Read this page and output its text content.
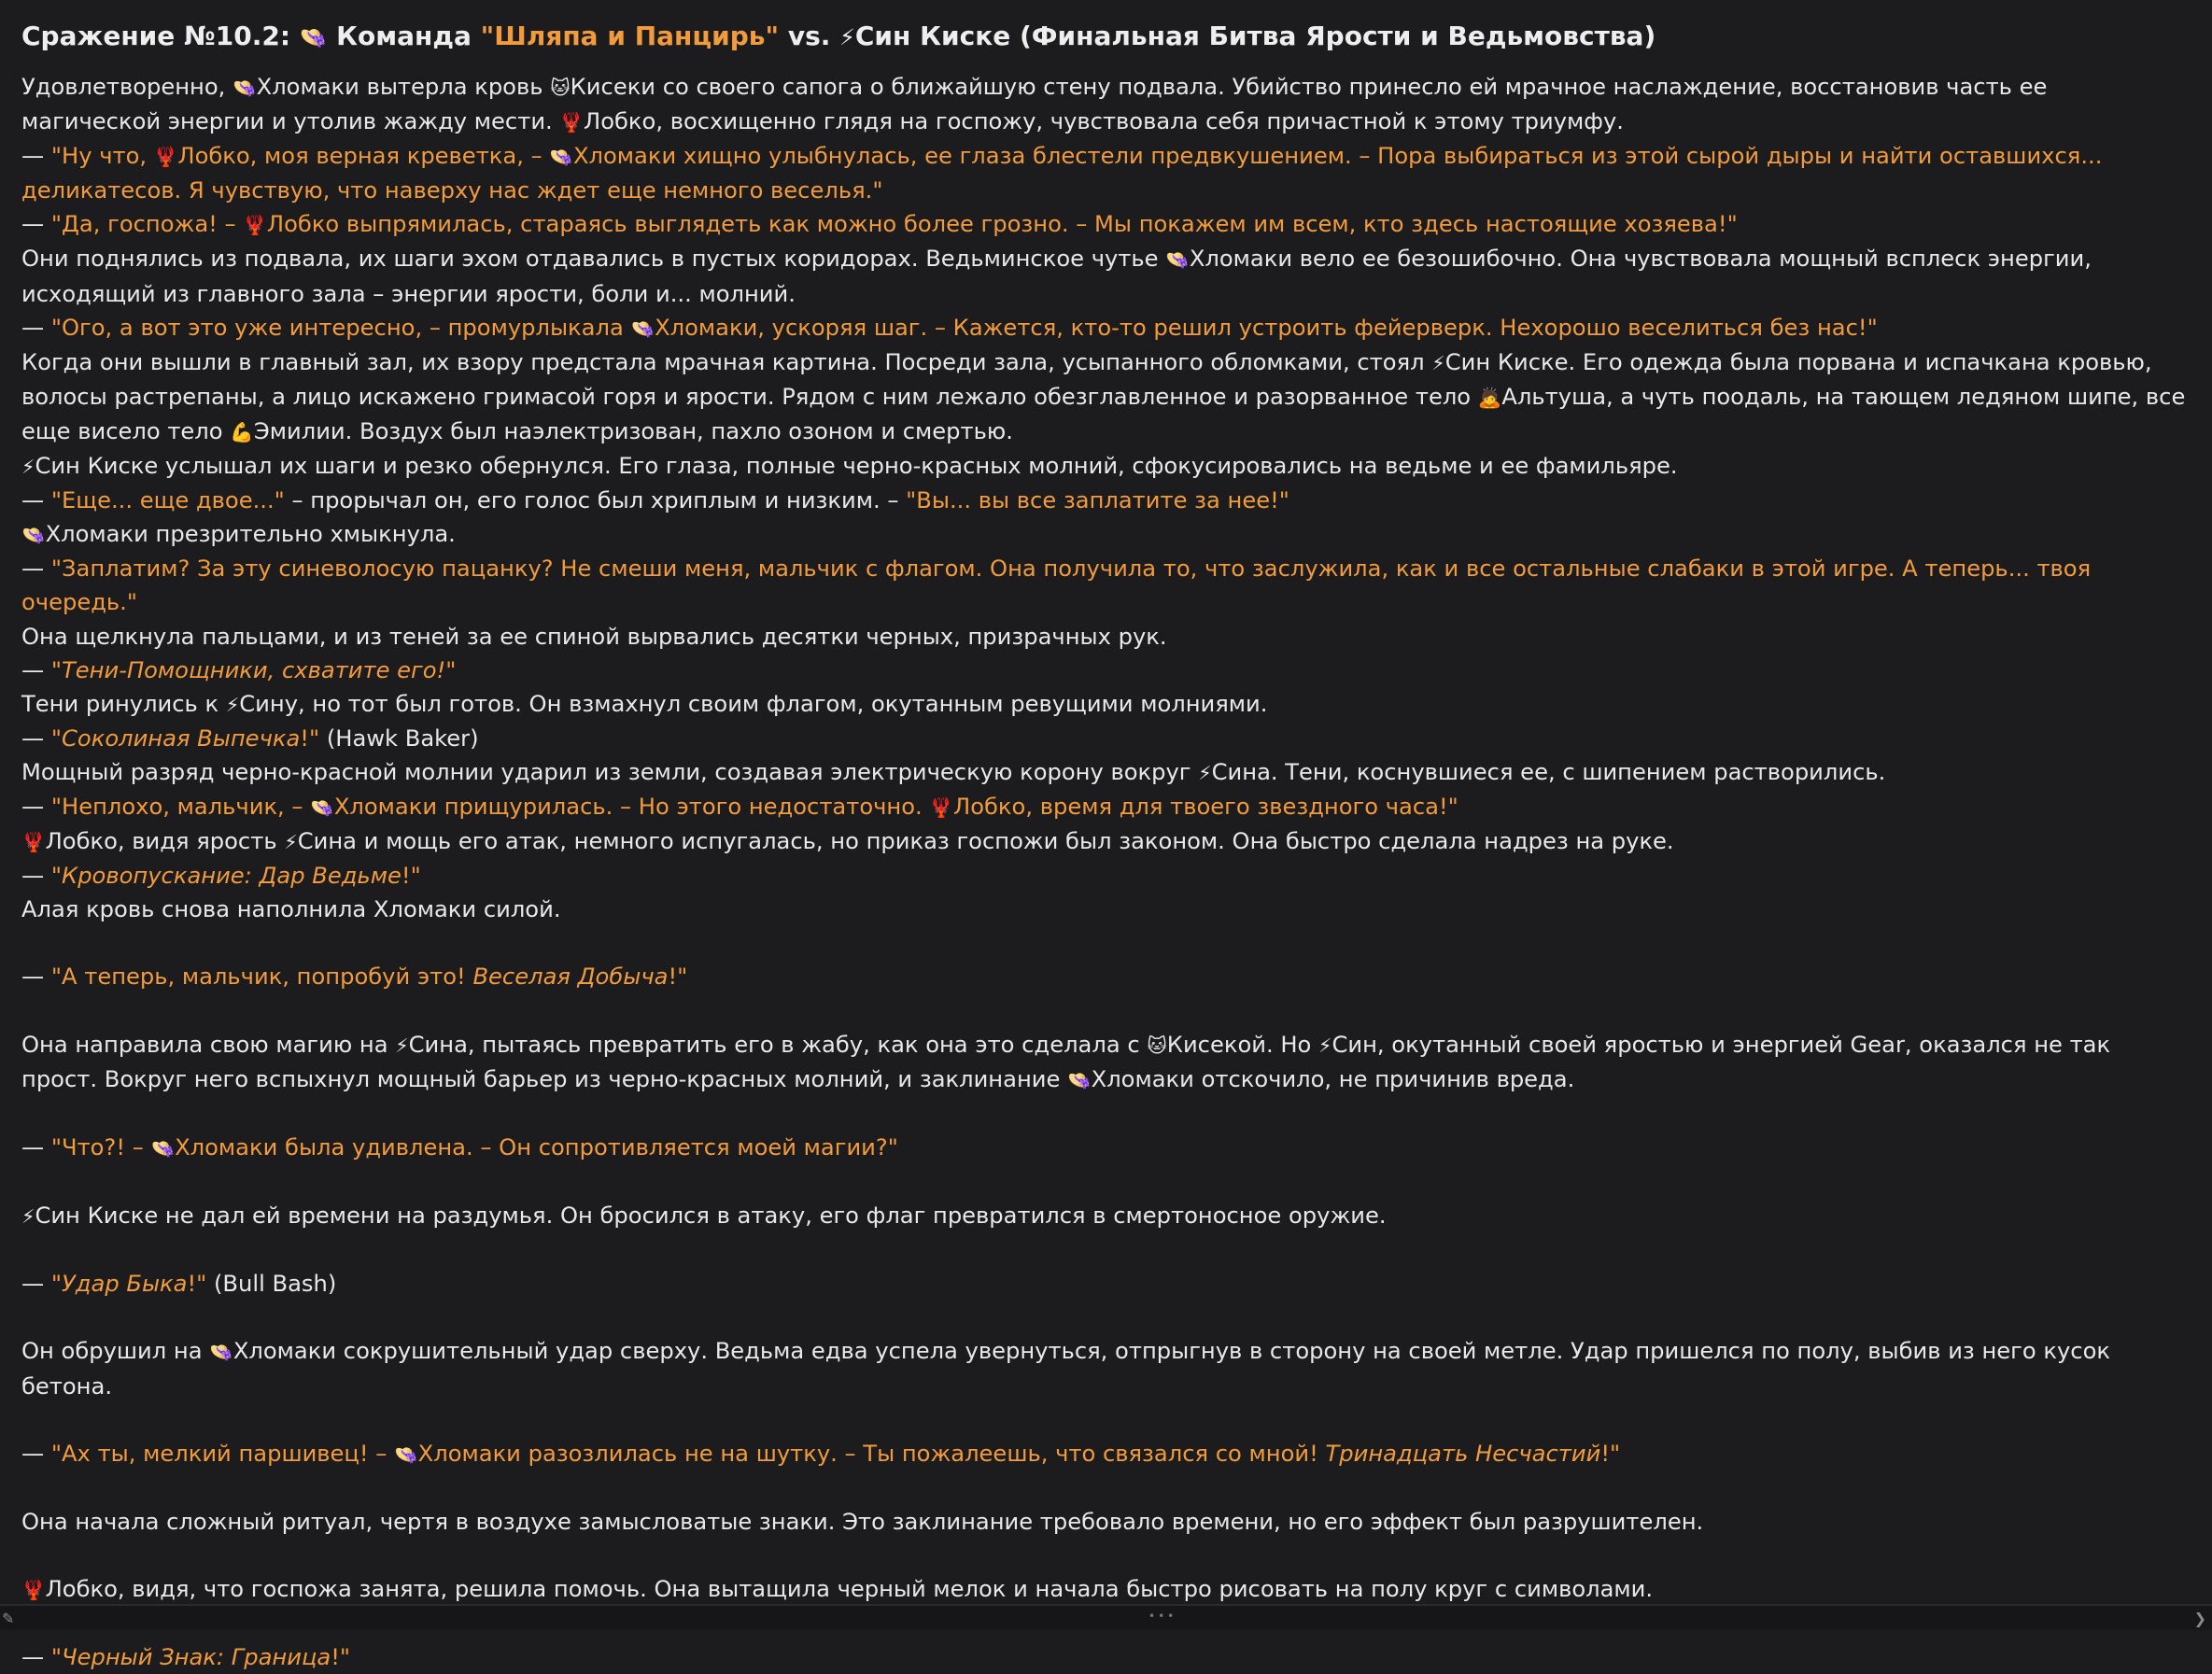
Сражение №10.2: 👒 Команда "Шляпа и Панцирь" vs. ⚡Син Киске (Финальная Битва Ярости и Ведьмовства)

Удовлетворенно, 👒Хломаки вытерла кровь 🐱Кисеки со своего сапога о ближайшую стену подвала. Убийство принесло ей мрачное наслаждение, восстановив часть ее магической энергии и утолив жажду мести. 🦞Лобко, восхищенно глядя на госпожу, чувствовала себя причастной к этому триумфу.

— "Ну что, 🦞Лобко, моя верная креветка, – 👒Хломаки хищно улыбнулась, ее глаза блестели предвкушением. – Пора выбираться из этой сырой дыры и найти оставшихся... деликатесов. Я чувствую, что наверху нас ждет еще немного веселья."

— "Да, госпожа! – 🦞Лобко выпрямилась, стараясь выглядеть как можно более грозно. – Мы покажем им всем, кто здесь настоящие хозяева!"

Они поднялись из подвала, их шаги эхом отдавались в пустых коридорах. Ведьминское чутье 👒Хломаки вело ее безошибочно. Она чувствовала мощный всплеск энергии, исходящий из главного зала – энергии ярости, боли и... молний.

— "Ого, а вот это уже интересно, – промурлыкала 👒Хломаки, ускоряя шаг. – Кажется, кто-то решил устроить фейерверк. Нехорошо веселиться без нас!"

Когда они вышли в главный зал, их взору предстала мрачная картина. Посреди зала, усыпанного обломками, стоял ⚡Син Киске. Его одежда была порвана и испачкана кровью, волосы растрепаны, а лицо искажено гримасой горя и ярости. Рядом с ним лежало обезглавленное и разорванное тело 🙇Альтуша, а чуть поодаль, на тающем ледяном шипе, все еще висело тело 💪Эмилии. Воздух был наэлектризован, пахло озоном и смертью.

⚡Син Киске услышал их шаги и резко обернулся. Его глаза, полные черно-красных молний, сфокусировались на ведьме и ее фамильяре.

— "Еще... еще двое..." – прорычал он, его голос был хриплым и низким. – "Вы... вы все заплатите за нее!"

👒Хломаки презрительно хмыкнула.

— "Заплатим? За эту синеволосую пацанку? Не смеши меня, мальчик с флагом. Она получила то, что заслужила, как и все остальные слабаки в этой игре. А теперь... твоя очередь."

Она щелкнула пальцами, и из теней за ее спиной вырвались десятки черных, призрачных рук.

— "Тени-Помощники, схватите его!"

Тени ринулись к ⚡Сину, но тот был готов. Он взмахнул своим флагом, окутанным ревущими молниями.

— "Соколиная Выпечка!" (Hawk Baker)

Мощный разряд черно-красной молнии ударил из земли, создавая электрическую корону вокруг ⚡Сина. Тени, коснувшиеся ее, с шипением растворились.

— "Неплохо, мальчик, – 👒Хломаки прищурилась. – Но этого недостаточно. 🦞Лобко, время для твоего звездного часа!"

🦞Лобко, видя ярость ⚡Сина и мощь его атак, немного испугалась, но приказ госпожи был законом. Она быстро сделала надрез на руке.

— "Кровопускание: Дар Ведьме!"

Алая кровь снова наполнила Хломаки силой.

— "А теперь, мальчик, попробуй это! Веселая Добыча!"

Она направила свою магию на ⚡Сина, пытаясь превратить его в жабу, как она это сделала с 🐱Кисекой. Но ⚡Син, окутанный своей яростью и энергией Gear, оказался не так прост. Вокруг него вспыхнул мощный барьер из черно-красных молний, и заклинание 👒Хломаки отскочило, не причинив вреда.

— "Что?! – 👒Хломаки была удивлена. – Он сопротивляется моей магии?"

⚡Син Киске не дал ей времени на раздумья. Он бросился в атаку, его флаг превратился в смертоносное оружие.

— "Удар Быка!" (Bull Bash)

Он обрушил на 👒Хломаки сокрушительный удар сверху. Ведьма едва успела увернуться, отпрыгнув в сторону на своей метле. Удар пришелся по полу, выбив из него кусок бетона.

— "Ах ты, мелкий паршивец! – 👒Хломаки разозлилась не на шутку. – Ты пожалеешь, что связался со мной! Тринадцать Несчастий!"

Она начала сложный ритуал, чертя в воздухе замысловатые знаки. Это заклинание требовало времени, но его эффект был разрушителен.

🦞Лобко, видя, что госпожа занята, решила помочь. Она вытащила черный мелок и начала быстро рисовать на полу круг с символами.

— "Черный Знак: Граница!"

✎	•••	❯
